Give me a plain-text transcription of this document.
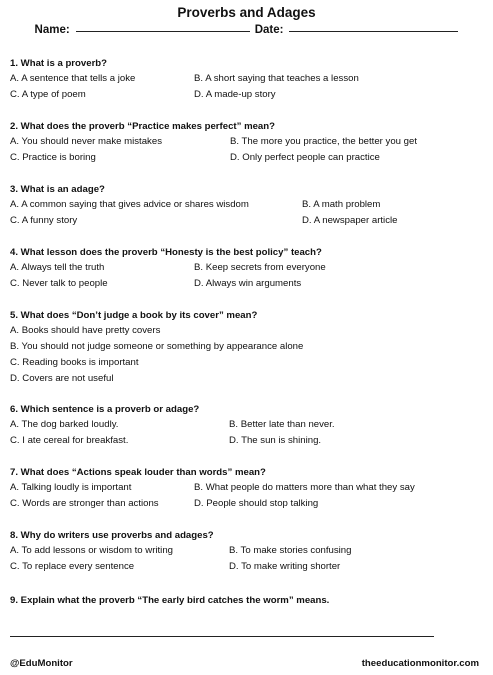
Proverbs and Adages
Name:	Date:
1. What is a proverb?
A. A sentence that tells a joke	B. A short saying that teaches a lesson
C. A type of poem	D. A made-up story
2. What does the proverb “Practice makes perfect” mean?
A. You should never make mistakes	B. The more you practice, the better you get
C. Practice is boring	D. Only perfect people can practice
3. What is an adage?
A. A common saying that gives advice or shares wisdom	B. A math problem
C. A funny story	D. A newspaper article
4. What lesson does the proverb “Honesty is the best policy” teach?
A. Always tell the truth	B. Keep secrets from everyone
C. Never talk to people	D. Always win arguments
5. What does “Don’t judge a book by its cover” mean?
A. Books should have pretty covers
B. You should not judge someone or something by appearance alone
C. Reading books is important
D. Covers are not useful
6. Which sentence is a proverb or adage?
A. The dog barked loudly.	B. Better late than never.
C. I ate cereal for breakfast.	D. The sun is shining.
7. What does “Actions speak louder than words” mean?
A. Talking loudly is important	B. What people do matters more than what they say
C. Words are stronger than actions	D. People should stop talking
8. Why do writers use proverbs and adages?
A. To add lessons or wisdom to writing	B. To make stories confusing
C. To replace every sentence	D. To make writing shorter
9. Explain what the proverb “The early bird catches the worm” means.
@EduMonitor	theeducationmonitor.com
